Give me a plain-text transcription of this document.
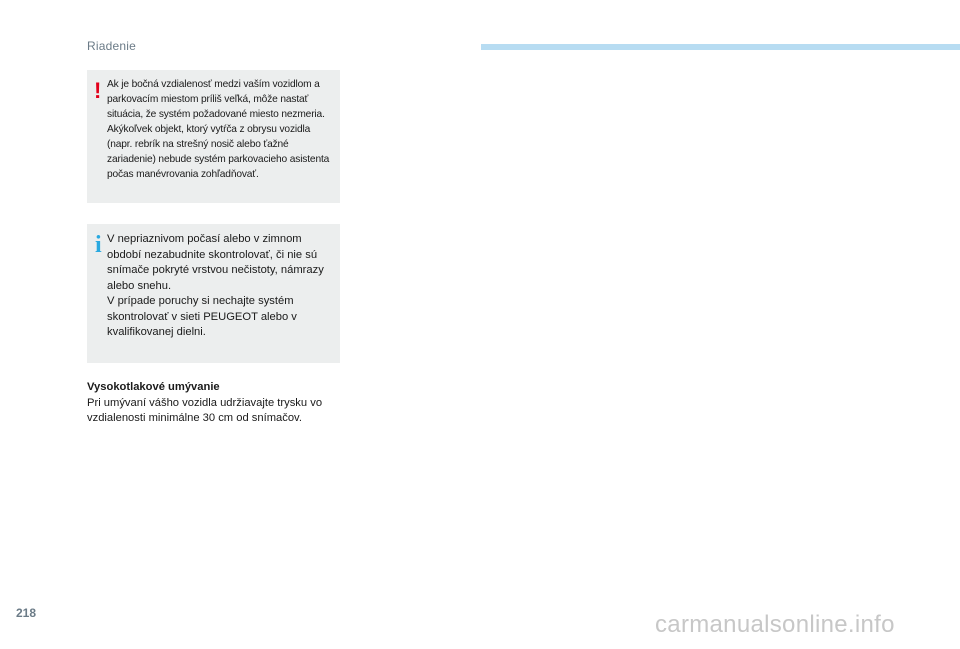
Riadenie
! Ak je bočná vzdialenosť medzi vaším vozidlom a parkovacím miestom príliš veľká, môže nastať situácia, že systém požadované miesto nezmeria.

Akýkoľvek objekt, ktorý vytŕča z obrysu vozidla (napr. rebrík na strešný nosič alebo ťažné zariadenie) nebude systém parkovacieho asistenta počas manévrovania zohľadňovať.

i V nepriaznivom počasí alebo v zimnom období nezabudnite skontrolovať, či nie sú snímače pokryté vrstvou nečistoty, námrazy alebo snehu.

V prípade poruchy si nechajte systém skontrolovať v sieti PEUGEOT alebo v kvalifikovanej dielni.

Vysokotlakové umývanie

Pri umývaní vášho vozidla udržiavajte trysku vo vzdialenosti minimálne 30 cm od snímačov.

218	carmanualsonline.info
